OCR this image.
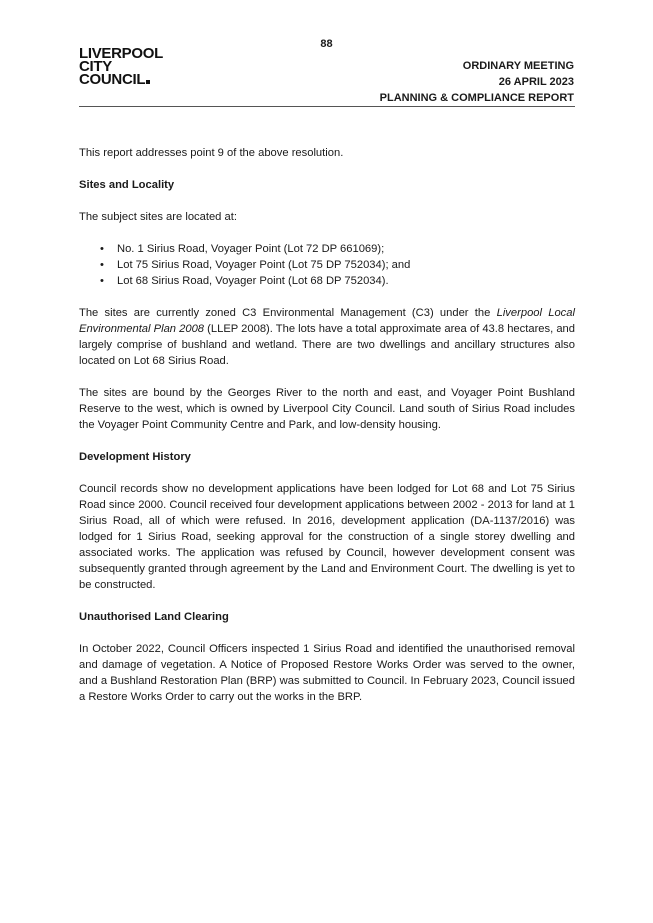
88
LIVERPOOL
CITY
COUNCIL
ORDINARY MEETING
26 APRIL 2023
PLANNING & COMPLIANCE REPORT

This report addresses point 9 of the above resolution.

Sites and Locality

The subject sites are located at:

• No. 1 Sirius Road, Voyager Point (Lot 72 DP 661069);
• Lot 75 Sirius Road, Voyager Point (Lot 75 DP 752034); and
• Lot 68 Sirius Road, Voyager Point (Lot 68 DP 752034).

The sites are currently zoned C3 Environmental Management (C3) under the Liverpool Local Environmental Plan 2008 (LLEP 2008). The lots have a total approximate area of 43.8 hectares, and largely comprise of bushland and wetland. There are two dwellings and ancillary structures also located on Lot 68 Sirius Road.

The sites are bound by the Georges River to the north and east, and Voyager Point Bushland Reserve to the west, which is owned by Liverpool City Council. Land south of Sirius Road includes the Voyager Point Community Centre and Park, and low-density housing.

Development History

Council records show no development applications have been lodged for Lot 68 and Lot 75 Sirius Road since 2000. Council received four development applications between 2002 - 2013 for land at 1 Sirius Road, all of which were refused. In 2016, development application (DA-1137/2016) was lodged for 1 Sirius Road, seeking approval for the construction of a single storey dwelling and associated works. The application was refused by Council, however development consent was subsequently granted through agreement by the Land and Environment Court. The dwelling is yet to be constructed.

Unauthorised Land Clearing

In October 2022, Council Officers inspected 1 Sirius Road and identified the unauthorised removal and damage of vegetation. A Notice of Proposed Restore Works Order was served to the owner, and a Bushland Restoration Plan (BRP) was submitted to Council. In February 2023, Council issued a Restore Works Order to carry out the works in the BRP.
